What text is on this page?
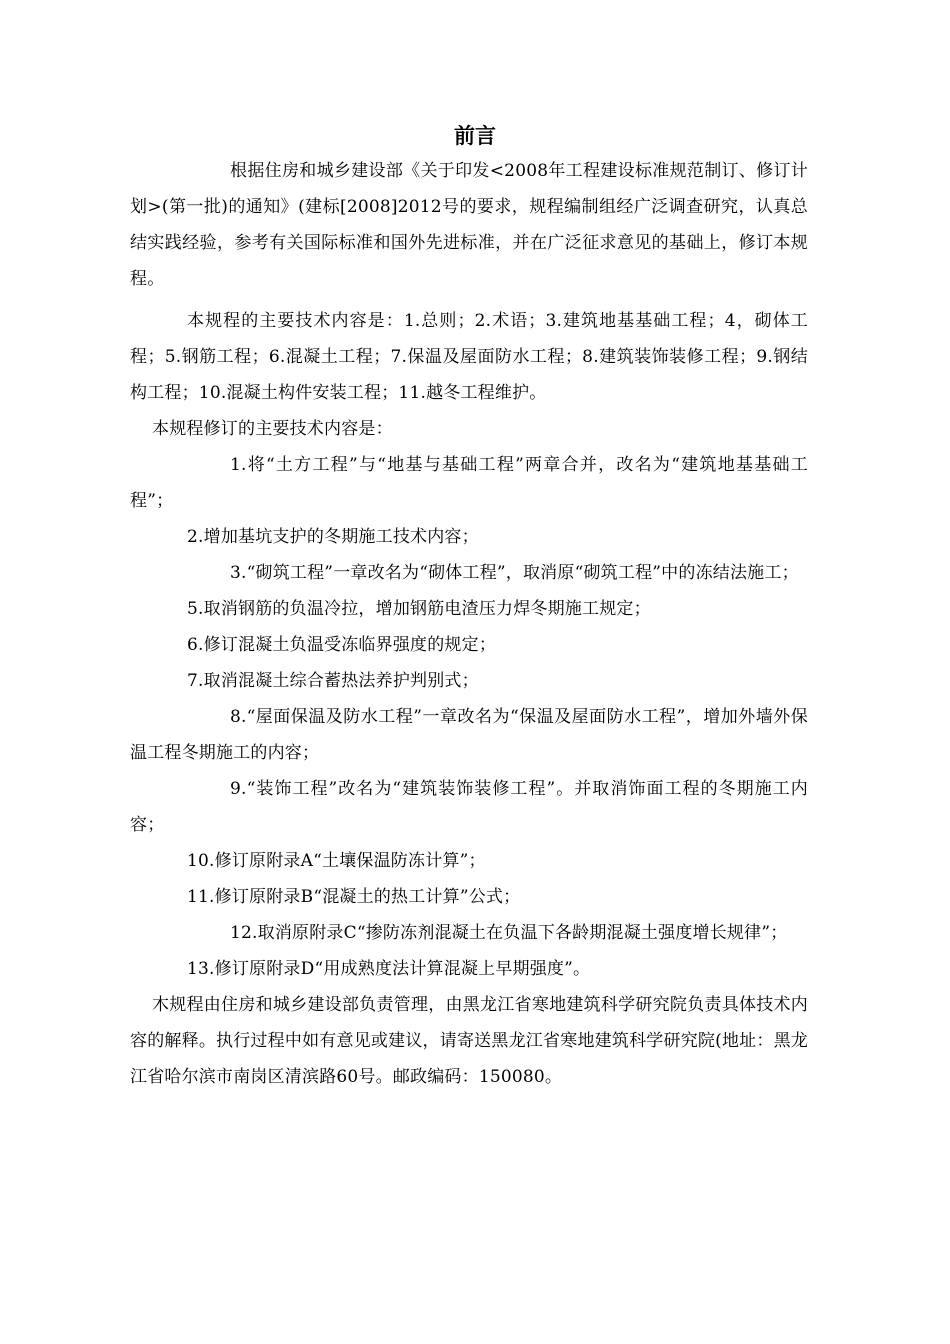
前言

根据住房和城乡建设部《关于印发<2008年工程建设标准规范制订、修订计划>(第一批)的通知》(建标[2008]2012号的要求，规程编制组经广泛调查研究，认真总结实践经验，参考有关国际标准和国外先进标准，并在广泛征求意见的基础上，修订本规程。

本规程的主要技术内容是：1.总则；2.术语；3.建筑地基基础工程；4，砌体工程；5.钢筋工程；6.混凝土工程；7.保温及屋面防水工程；8.建筑装饰装修工程；9.钢结构工程；10.混凝土构件安装工程；11.越冬工程维护。

本规程修订的主要技术内容是：

1.将“土方工程”与“地基与基础工程”两章合并，改名为“建筑地基基础工程”；

2.增加基坑支护的冬期施工技术内容；

3.“砌筑工程”一章改名为“砌体工程”，取消原“砌筑工程”中的冻结法施工；

5.取消钢筋的负温冷拉，增加钢筋电渣压力焊冬期施工规定；

6.修订混凝土负温受冻临界强度的规定；

7.取消混凝土综合蓄热法养护判别式；

8.“屋面保温及防水工程”一章改名为“保温及屋面防水工程”，增加外墙外保温工程冬期施工的内容；

9.“装饰工程”改名为“建筑装饰装修工程”。并取消饰面工程的冬期施工内容；

10.修订原附录A“土壤保温防冻计算”；

11.修订原附录B“混凝土的热工计算”公式；

12.取消原附录C“掺防冻剂混凝土在负温下各龄期混凝土强度增长规律”；

13.修订原附录D“用成熟度法计算混凝上早期强度”。

木规程由住房和城乡建设部负责管理，由黑龙江省寒地建筑科学研究院负责具体技术内容的解释。执行过程中如有意见或建议，请寄送黑龙江省寒地建筑科学研究院(地址：黑龙江省哈尔滨市南岗区清滨路60号。邮政编码：150080。
